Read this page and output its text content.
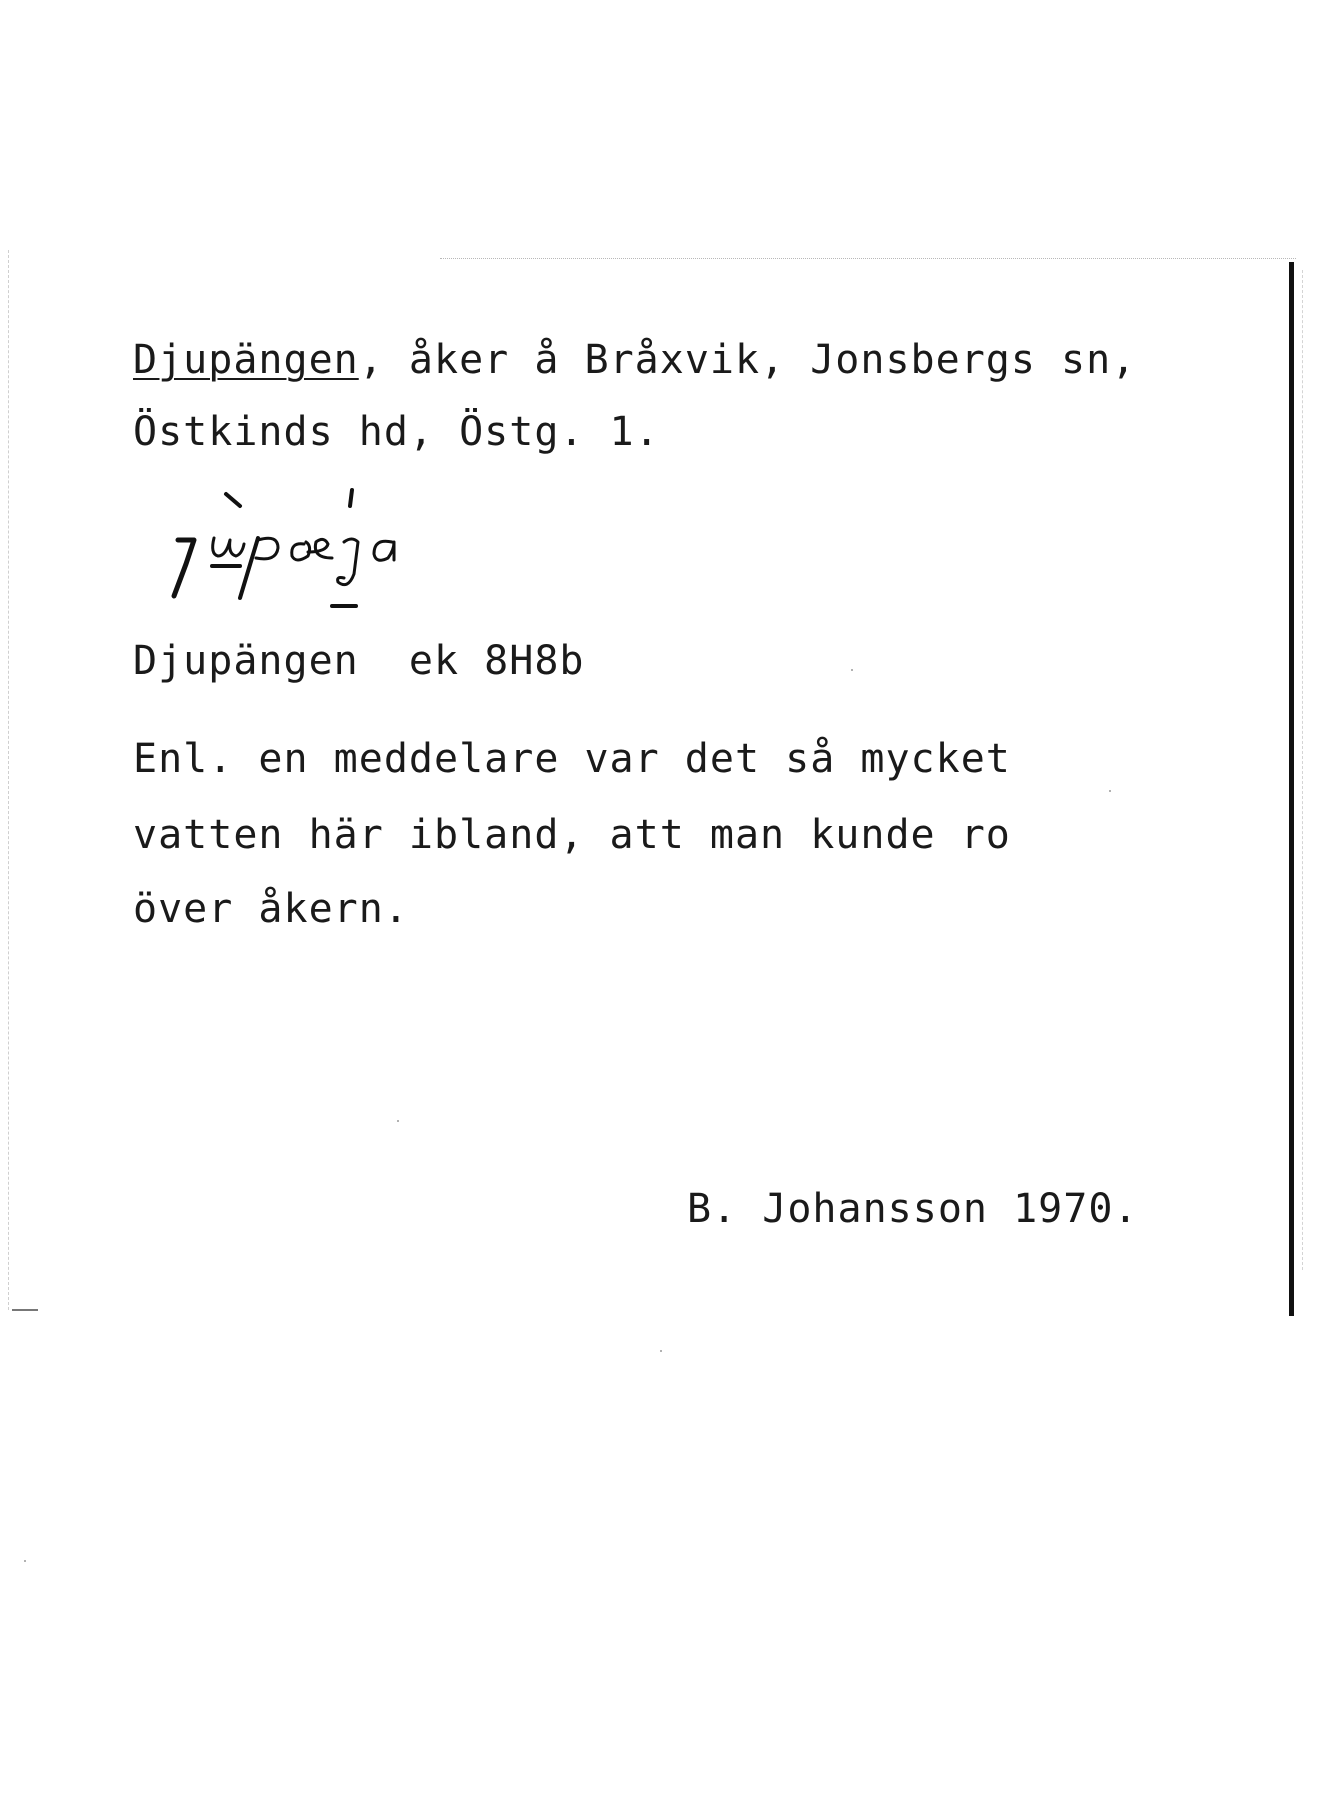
Djupängen, åker å Bråxvik, Jonsbergs sn,
Östkinds hd, Östg. 1.
Djupängen  ek 8H8b
Enl. en meddelare var det så mycket
vatten här ibland, att man kunde ro
över åkern.
B. Johansson 1970.
